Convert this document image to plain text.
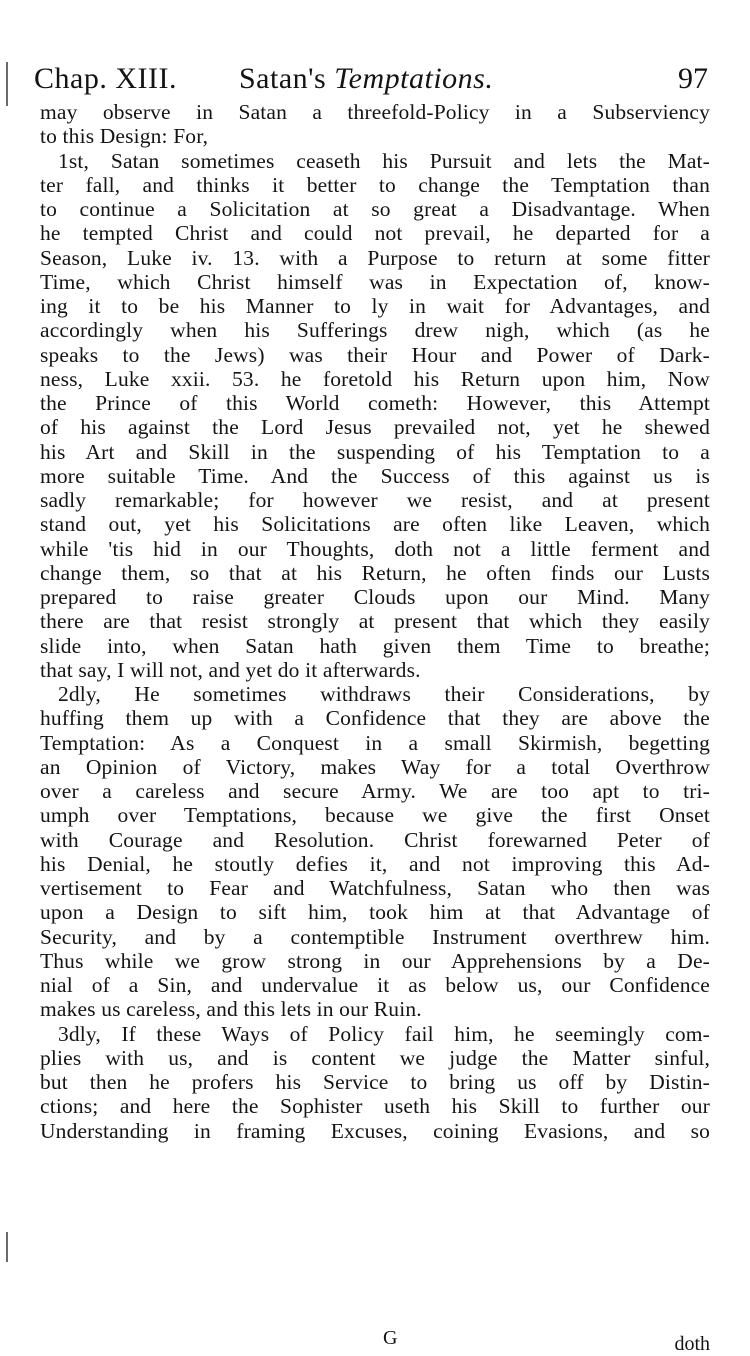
Chap. XIII. Satan's Temptations.	97
may observe in Satan a threefold-Policy in a Subserviency
to this Design: For,
1st, Satan sometimes ceaseth his Pursuit and lets the Mat-
ter fall, and thinks it better to change the Temptation than
to continue a Solicitation at so great a Disadvantage. When
he tempted Christ and could not prevail, he departed for a
Season, Luke iv. 13. with a Purpose to return at some fitter
Time, which Christ himself was in Expectation of, know-
ing it to be his Manner to ly in wait for Advantages, and
accordingly when his Sufferings drew nigh, which (as he
speaks to the Jews) was their Hour and Power of Dark-
ness, Luke xxii. 53. he foretold his Return upon him, Now
the Prince of this World cometh: However, this Attempt
of his against the Lord Jesus prevailed not, yet he shewed
his Art and Skill in the suspending of his Temptation to a
more suitable Time. And the Success of this against us is
sadly remarkable; for however we resist, and at present
stand out, yet his Solicitations are often like Leaven, which
while 'tis hid in our Thoughts, doth not a little ferment and
change them, so that at his Return, he often finds our Lusts
prepared to raise greater Clouds upon our Mind. Many
there are that resist strongly at present that which they easily
slide into, when Satan hath given them Time to breathe;
that say, I will not, and yet do it afterwards.
2dly, He sometimes withdraws their Considerations, by
huffing them up with a Confidence that they are above the
Temptation: As a Conquest in a small Skirmish, begetting
an Opinion of Victory, makes Way for a total Overthrow
over a careless and secure Army. We are too apt to tri-
umph over Temptations, because we give the first Onset
with Courage and Resolution. Christ forewarned Peter of
his Denial, he stoutly defies it, and not improving this Ad-
vertisement to Fear and Watchfulness, Satan who then was
upon a Design to sift him, took him at that Advantage of
Security, and by a contemptible Instrument overthrew him.
Thus while we grow strong in our Apprehensions by a De-
nial of a Sin, and undervalue it as below us, our Confidence
makes us careless, and this lets in our Ruin.
3dly, If these Ways of Policy fail him, he seemingly com-
plies with us, and is content we judge the Matter sinful,
but then he profers his Service to bring us off by Distin-
ctions; and here the Sophister useth his Skill to further our
Understanding in framing Excuses, coining Evasions, and so
G	doth
